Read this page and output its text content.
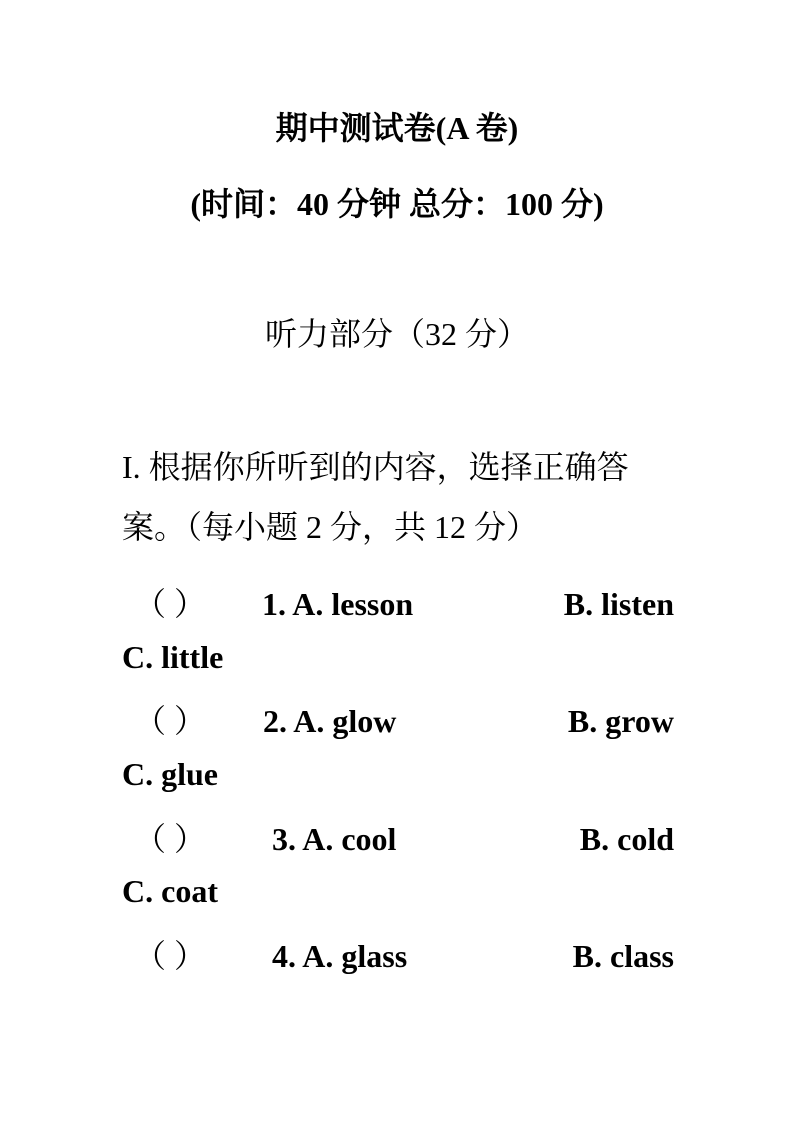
期中测试卷(A 卷)
(时间：40 分钟 总分：100 分)
听力部分（32 分）
I. 根据你所听到的内容，选择正确答
案。（每小题 2 分，共 12 分）
（ ） 1. A. lesson	B. listen
C. little
（ ） 2. A. glow	B. grow
C. glue
（ ） 3. A. cool	B. cold
C. coat
（ ） 4. A. glass	B. class
